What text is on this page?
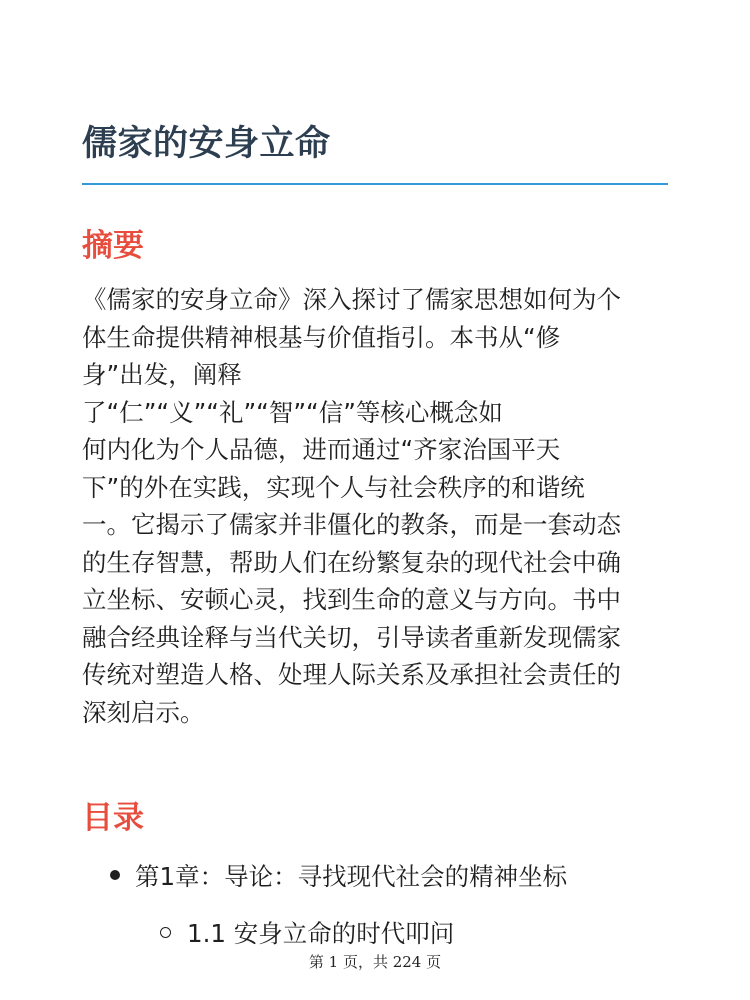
儒家的安身立命
摘要

《儒家的安身立命》深入探讨了儒家思想如何为个
体生命提供精神根基与价值指引。本书从“修
身”出发，阐释
了“仁”“义”“礼”“智”“信”等核心概念如
何内化为个人品德，进而通过“齐家治国平天
下”的外在实践，实现个人与社会秩序的和谐统
一。它揭示了儒家并非僵化的教条，而是一套动态
的生存智慧，帮助人们在纷繁复杂的现代社会中确
立坐标、安顿心灵，找到生命的意义与方向。书中
融合经典诠释与当代关切，引导读者重新发现儒家
传统对塑造人格、处理人际关系及承担社会责任的
深刻启示。

目录
第1章：导论：寻找现代社会的精神坐标
1.1 安身立命的时代叩问
第 1 页，共 224 页
